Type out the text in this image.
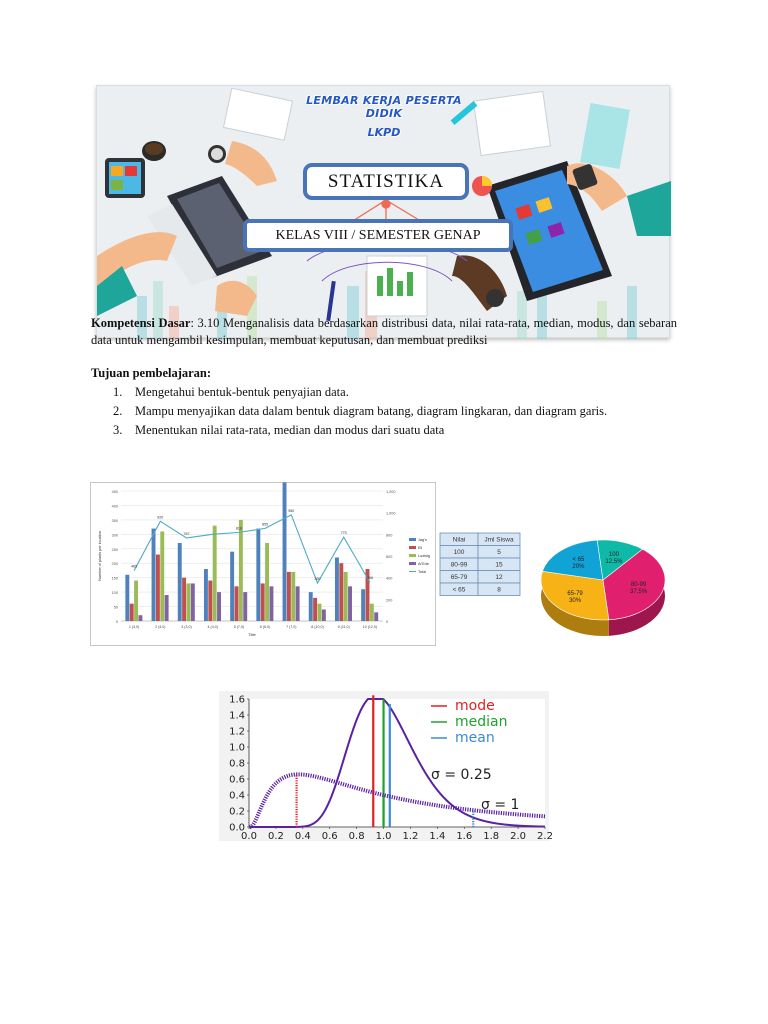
LEMBAR KERJA PESERTA DIDIK
LKPD
STATISTIKA
KELAS VIII / SEMESTER GENAP
Kompetensi Dasar: 3.10 Menganalisis data berdasarkan distribusi data, nilai rata-rata, median, modus, dan sebaran data untuk mengambil kesimpulan, membuat keputusan, dan membuat prediksi
Tujuan pembelajaran:
1.	Mengetahui bentuk-bentuk penyajian data.
2.	Mampu menyajikan data dalam bentuk diagram batang, diagram lingkaran, dan diagram garis.
3.	Menentukan nilai rata-rata, median dan modus dari suatu data
0
50
100
150
200
250
300
350
400
450
0
200
400
600
800
1,000
1,200
1 (3,0)	2 (4,0)	3 (3,0)	4 (4,0)	5 (7,0)	6 (6,0)	7 (7,0)	8 (10,0)	9 (11,0)	10 (12,0)
465
920
767
818
855
980
350
775
358
Title
Number of plants per location	Jag'n
Eil
Ludwig
Al'Ede
Total
Nilai	Jml Siswa
100	5
80-99	15
65-79	12
< 65	8
80-99
37,5%
65-79
30%
< 65
20%
100
12,5%
0.0
0.2
0.4
0.6
0.8
1.0
1.2
1.4
1.6
0.0 0.2 0.4 0.6 0.8 1.0 1.2 1.4 1.6 1.8 2.0 2.2
mode
median
mean
σ = 0.25
σ = 1
